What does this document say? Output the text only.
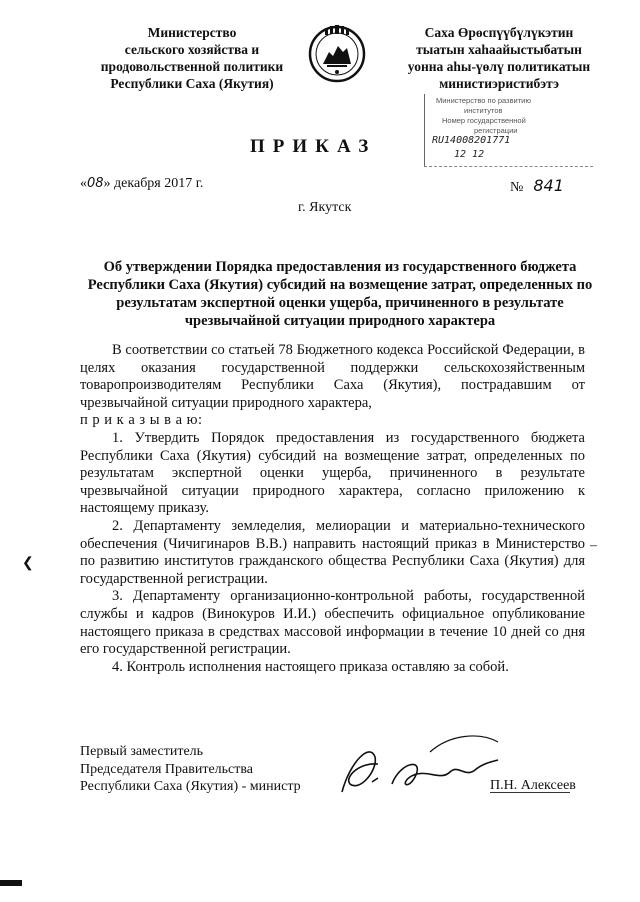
Министерство
сельского хозяйства и
продовольственной политики
Республики Саха (Якутия)
Саха Өрөспүүбүлүкэтин
тыатын хаһаайыстыбатын
уонна аһы-үөлү политикатын
министиэристибэтэ
Министерство по развитию
институтов
Номер государственной
регистрации
RU14008201771
12 12
ПРИКАЗ
«08» декабря 2017 г.	№ 841
г. Якутск
Об утверждении Порядка предоставления из государственного бюджета Республики Саха (Якутия) субсидий на возмещение затрат, определенных по результатам экспертной оценки ущерба, причиненного в результате чрезвычайной ситуации природного характера

В соответствии со статьей 78 Бюджетного кодекса Российской Федерации, в целях оказания государственной поддержки сельскохозяйственным товаропроизводителям Республики Саха (Якутия), пострадавшим от чрезвычайной ситуации природного характера,

п р и к а з ы в а ю:

1. Утвердить Порядок предоставления из государственного бюджета Республики Саха (Якутия) субсидий на возмещение затрат, определенных по результатам экспертной оценки ущерба, причиненного в результате чрезвычайной ситуации природного характера, согласно приложению к настоящему приказу.

2. Департаменту земледелия, мелиорации и материально-технического обеспечения (Чичигинаров В.В.) направить настоящий приказ в Министерство по развитию институтов гражданского общества Республики Саха (Якутия) для государственной регистрации.

3. Департаменту организационно-контрольной работы, государственной службы и кадров (Винокуров И.И.) обеспечить официальное опубликование настоящего приказа в средствах массовой информации в течение 10 дней со дня его государственной регистрации.

4. Контроль исполнения настоящего приказа оставляю за собой.

Первый заместитель
Председателя Правительства
Республики Саха (Якутия) - министр	П.Н. Алексеев
❮
–
